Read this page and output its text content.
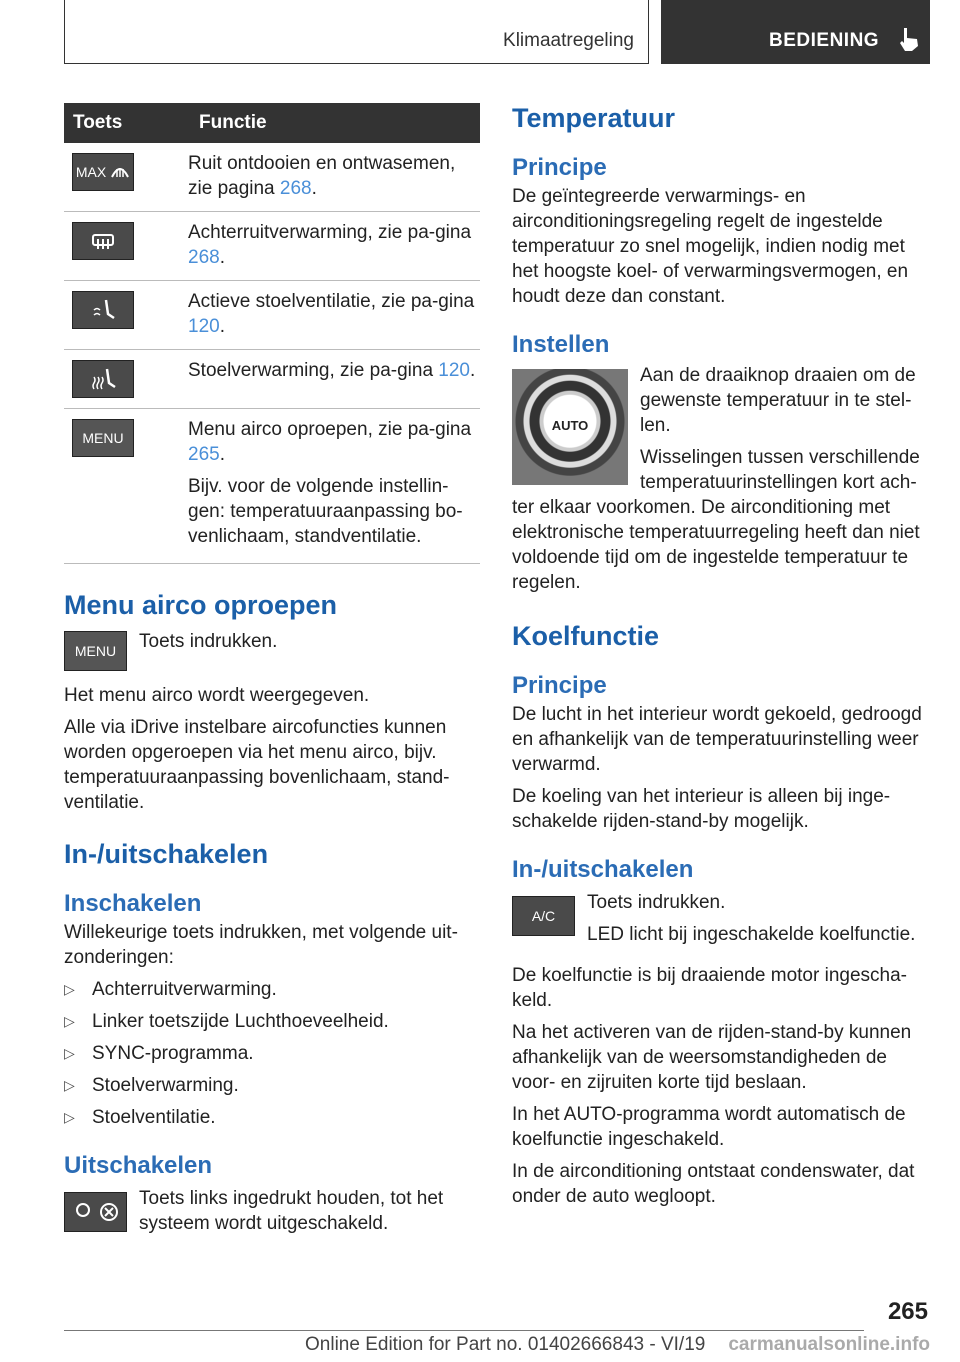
Klimaatregeling	BEDIENING
Toets	Functie

MAX	Ruit ontdooien en ontwasemen, zie pagina 268.

	Achterruitverwarming, zie pa-gina 268.

	Actieve stoelventilatie, zie pa-gina 120.

	Stoelverwarming, zie pa-gina 120.

MENU	Menu airco oproepen, zie pa-gina 265.
Bijv. voor de volgende instellin-gen: temperatuuraanpassing bo-venlichaam, standventilatie.
Menu airco oproepen
MENU	Toets indrukken.

Het menu airco wordt weergegeven.

Alle via iDrive instelbare aircofuncties kunnen worden opgeroepen via het menu airco, bijv. temperatuuraanpassing bovenlichaam, stand-ventilatie.

In-/uitschakelen
Inschakelen

Willekeurige toets indrukken, met volgende uit-zonderingen:

▷ Achterruitverwarming.
▷ Linker toetszijde Luchthoeveelheid.
▷ SYNC-programma.
▷ Stoelverwarming.
▷ Stoelventilatie.
Uitschakelen

Toets links ingedrukt houden, tot het systeem wordt uitgeschakeld.

Temperatuur
Principe

De geïntegreerde verwarmings- en airconditioningsregeling regelt de ingestelde temperatuur zo snel mogelijk, indien nodig met het hoogste koel- of verwarmingsvermogen, en houdt deze dan constant.

Instellen
AUTO

Aan de draaiknop draaien om de gewenste temperatuur in te stel-len.

Wisselingen tussen verschillende temperatuurinstellingen kort ach-ter elkaar voorkomen. De airconditioning met elektronische temperatuurregeling heeft dan niet voldoende tijd om de ingestelde temperatuur te regelen.

Koelfunctie
Principe

De lucht in het interieur wordt gekoeld, gedroogd en afhankelijk van de temperatuurinstelling weer verwarmd.

De koeling van het interieur is alleen bij inge-schakelde rijden-stand-by mogelijk.

In-/uitschakelen
A/C

Toets indrukken.

LED licht bij ingeschakelde koelfunctie.

De koelfunctie is bij draaiende motor ingescha-keld.

Na het activeren van de rijden-stand-by kunnen afhankelijk van de weersomstandigheden de voor- en zijruiten korte tijd beslaan.

In het AUTO-programma wordt automatisch de koelfunctie ingeschakeld.

In de airconditioning ontstaat condenswater, dat onder de auto wegloopt.

265
Online Edition for Part no. 01402666843 - VI/19 carmanualsonline.info
